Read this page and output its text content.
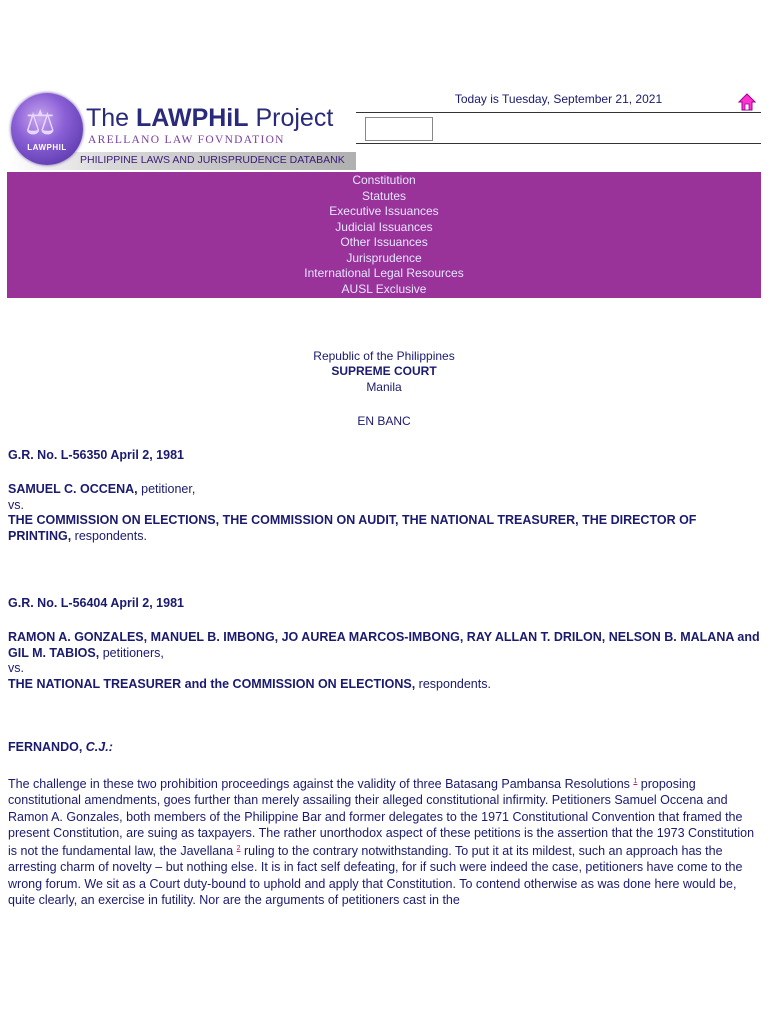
PHILIPPINE LAWS AND JURISPRUDENCE DATABANK
⚖
LAWPHIL
The LAWPHiL Project
ARELLANO LAW FOVNDATION
Today is Tuesday, September 21, 2021
Constitution
Statutes
Executive Issuances
Judicial Issuances
Other Issuances
Jurisprudence
International Legal Resources
AUSL Exclusive
Republic of the Philippines
SUPREME COURT
Manila
EN BANC
G.R. No. L-56350 April 2, 1981
SAMUEL C. OCCENA, petitioner,
vs.
THE COMMISSION ON ELECTIONS, THE COMMISSION ON AUDIT, THE NATIONAL TREASURER, THE DIRECTOR OF PRINTING, respondents.
G.R. No. L-56404 April 2, 1981
RAMON A. GONZALES, MANUEL B. IMBONG, JO AUREA MARCOS-IMBONG, RAY ALLAN T. DRILON, NELSON B. MALANA and GIL M. TABIOS, petitioners,
vs.
THE NATIONAL TREASURER and the COMMISSION ON ELECTIONS, respondents.
FERNANDO, C.J.:
The challenge in these two prohibition proceedings against the validity of three Batasang Pambansa Resolutions $^1$ proposing constitutional amendments, goes further than merely assailing their alleged constitutional infirmity. Petitioners Samuel Occena and Ramon A. Gonzales, both members of the Philippine Bar and former delegates to the 1971 Constitutional Convention that framed the present Constitution, are suing as taxpayers. The rather unorthodox aspect of these petitions is the assertion that the 1973 Constitution is not the fundamental law, the Javellana $^2$ ruling to the contrary notwithstanding. To put it at its mildest, such an approach has the arresting charm of novelty – but nothing else. It is in fact self defeating, for if such were indeed the case, petitioners have come to the wrong forum. We sit as a Court duty-bound to uphold and apply that Constitution. To contend otherwise as was done here would be, quite clearly, an exercise in futility. Nor are the arguments of petitioners cast in the
